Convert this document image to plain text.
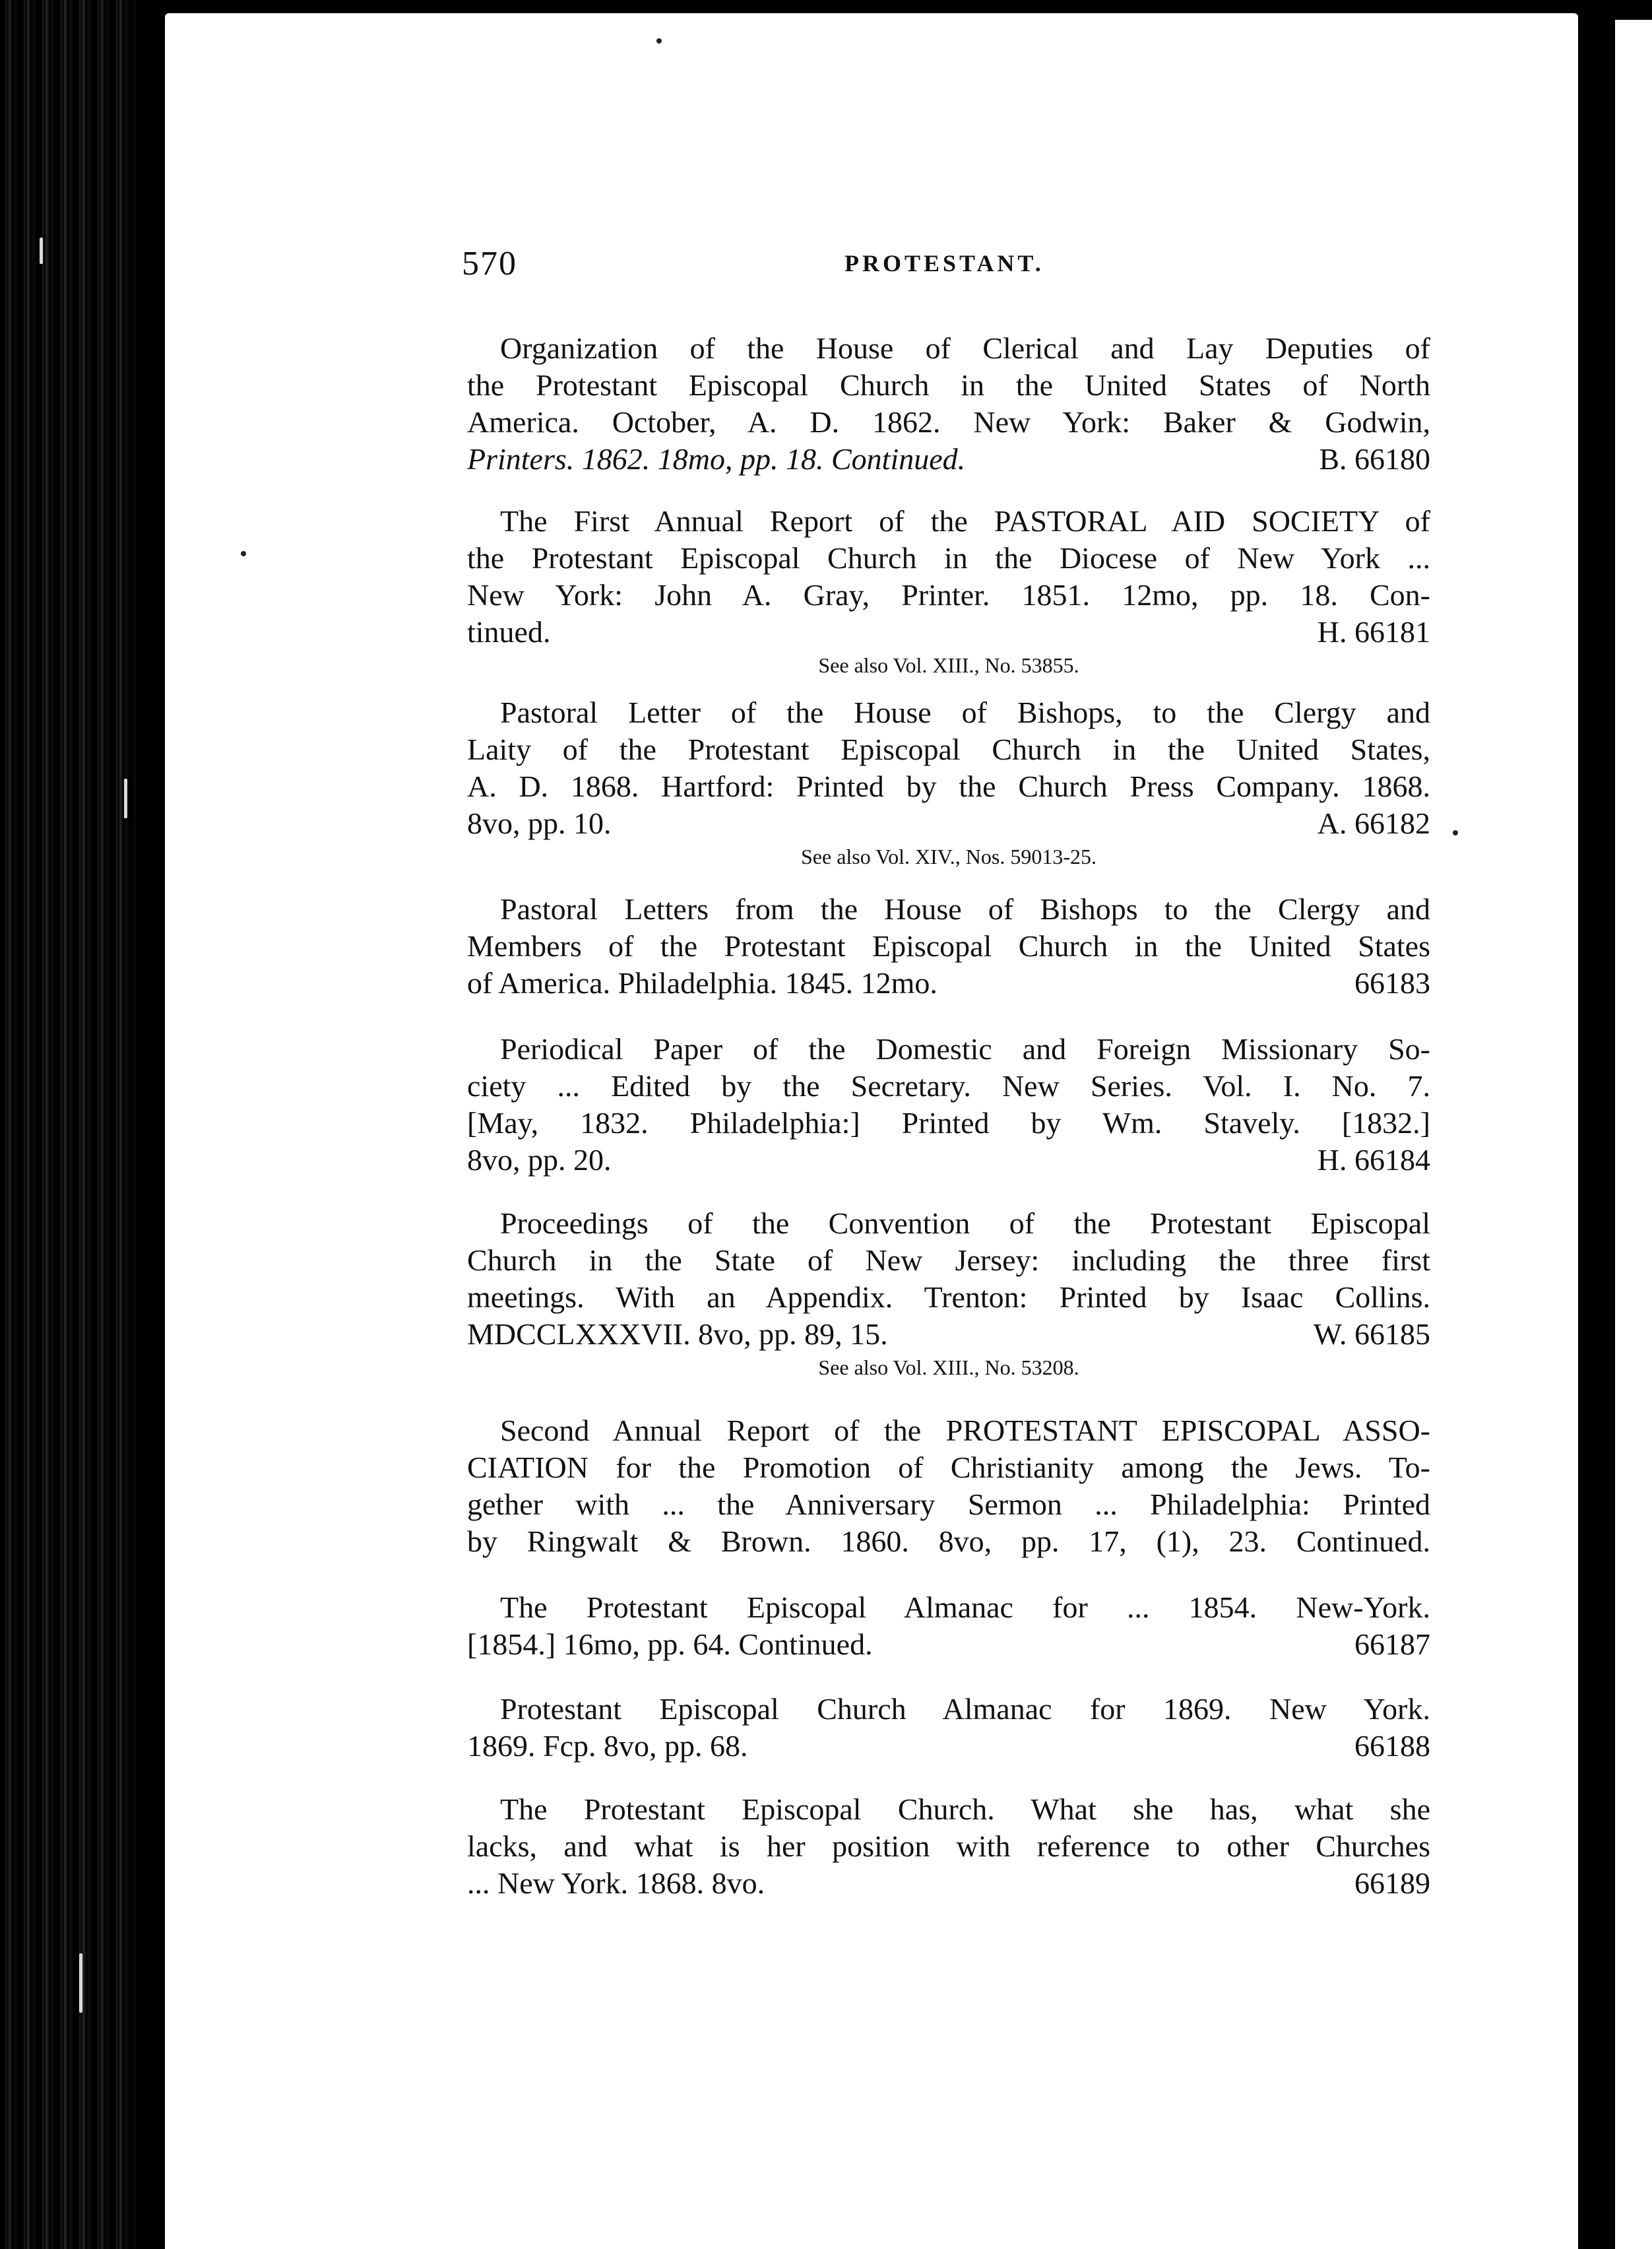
570	PROTESTANT.

Organization of the House of Clerical and Lay Deputies of

the Protestant Episcopal Church in the United States of North

America. October, A. D. 1862. New York: Baker & Godwin,

Printers. 1862. 18mo, pp. 18. Continued.	B. 66180

The First Annual Report of the PASTORAL AID SOCIETY of

the Protestant Episcopal Church in the Diocese of New York ...

New York: John A. Gray, Printer. 1851. 12mo, pp. 18. Con-

tinued.	H. 66181

See also Vol. XIII., No. 53855.

Pastoral Letter of the House of Bishops, to the Clergy and

Laity of the Protestant Episcopal Church in the United States,

A. D. 1868. Hartford: Printed by the Church Press Company. 1868.

8vo, pp. 10.	A. 66182

See also Vol. XIV., Nos. 59013-25.

Pastoral Letters from the House of Bishops to the Clergy and

Members of the Protestant Episcopal Church in the United States

of America. Philadelphia. 1845. 12mo.	66183

Periodical Paper of the Domestic and Foreign Missionary So-

ciety ... Edited by the Secretary. New Series. Vol. I. No. 7.

[May, 1832. Philadelphia:] Printed by Wm. Stavely. [1832.]

8vo, pp. 20.	H. 66184

Proceedings of the Convention of the Protestant Episcopal

Church in the State of New Jersey: including the three first

meetings. With an Appendix. Trenton: Printed by Isaac Collins.

MDCCLXXXVII. 8vo, pp. 89, 15.	W. 66185

See also Vol. XIII., No. 53208.

Second Annual Report of the PROTESTANT EPISCOPAL ASSO-

CIATION for the Promotion of Christianity among the Jews. To-

gether with ... the Anniversary Sermon ... Philadelphia: Printed

by Ringwalt & Brown. 1860. 8vo, pp. 17, (1), 23. Continued.

The Protestant Episcopal Almanac for ... 1854. New-York.

[1854.] 16mo, pp. 64. Continued.	66187

Protestant Episcopal Church Almanac for 1869. New York.

1869. Fcp. 8vo, pp. 68.	66188

The Protestant Episcopal Church. What she has, what she

lacks, and what is her position with reference to other Churches

... New York. 1868. 8vo.	66189
